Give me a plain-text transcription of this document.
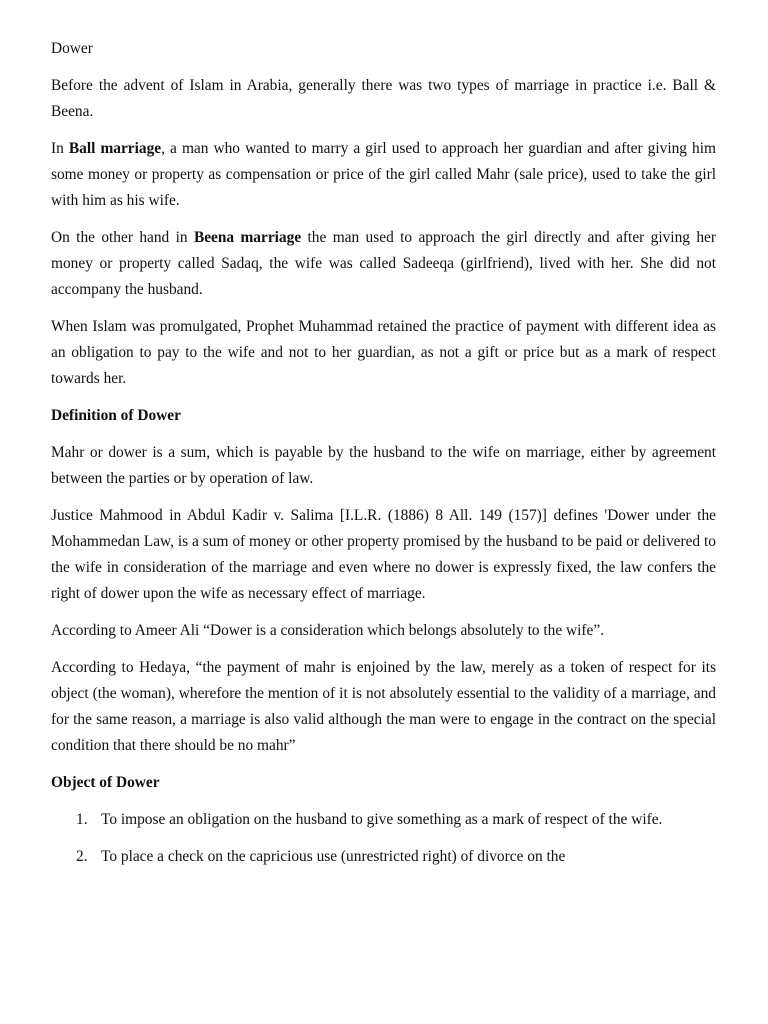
Dower

Before the advent of Islam in Arabia, generally there was two types of marriage in practice i.e. Ball & Beena.

In Ball marriage, a man who wanted to marry a girl used to approach her guardian and after giving him some money or property as compensation or price of the girl called Mahr (sale price), used to take the girl with him as his wife.

On the other hand in Beena marriage the man used to approach the girl directly and after giving her money or property called Sadaq, the wife was called Sadeeqa (girlfriend), lived with her. She did not accompany the husband.

When Islam was promulgated, Prophet Muhammad retained the practice of payment with different idea as an obligation to pay to the wife and not to her guardian, as not a gift or price but as a mark of respect towards her.

Definition of Dower

Mahr or dower is a sum, which is payable by the husband to the wife on marriage, either by agreement between the parties or by operation of law.

Justice Mahmood in Abdul Kadir v. Salima [I.L.R. (1886) 8 All. 149 (157)] defines 'Dower under the Mohammedan Law, is a sum of money or other property promised by the husband to be paid or delivered to the wife in consideration of the marriage and even where no dower is expressly fixed, the law confers the right of dower upon the wife as necessary effect of marriage.

According to Ameer Ali “Dower is a consideration which belongs absolutely to the wife”.

According to Hedaya, “the payment of mahr is enjoined by the law, merely as a token of respect for its object (the woman), wherefore the mention of it is not absolutely essential to the validity of a marriage, and for the same reason, a marriage is also valid although the man were to engage in the contract on the special condition that there should be no mahr”

Object of Dower
1. To impose an obligation on the husband to give something as a mark of respect of the wife.
2. To place a check on the capricious use (unrestricted right) of divorce on the
